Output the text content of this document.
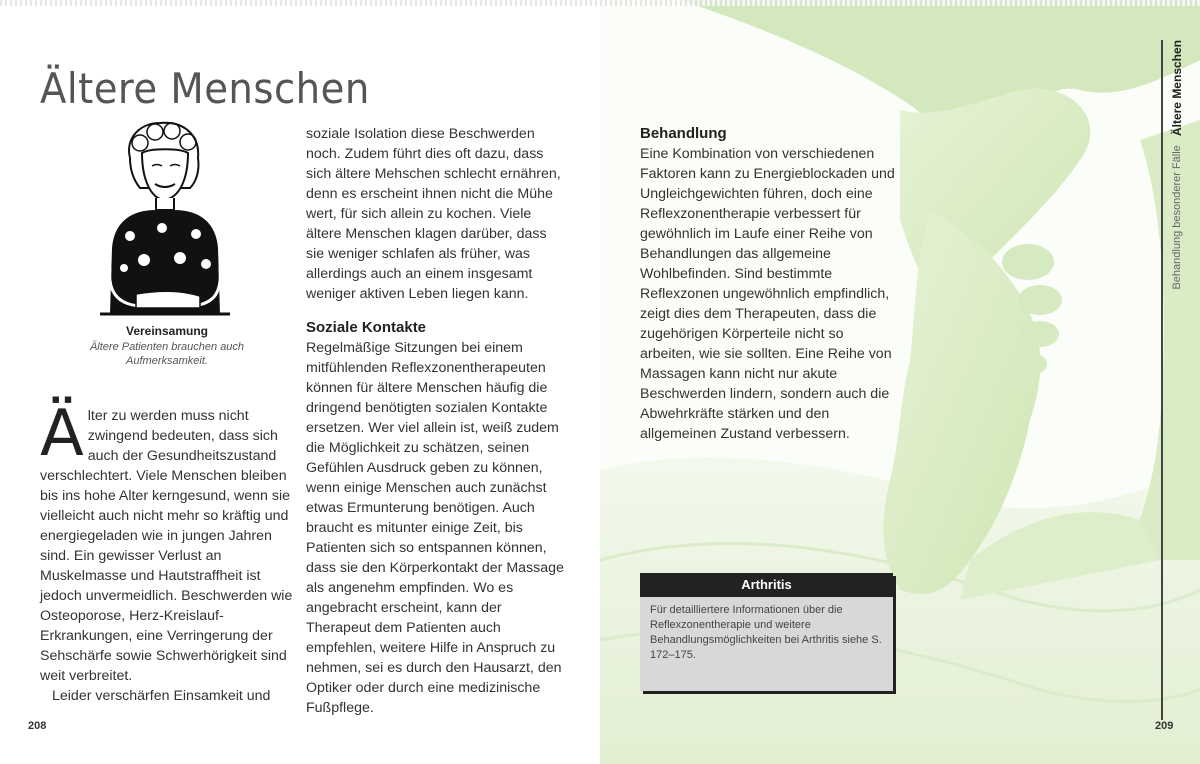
Ältere Menschen
Vereinsamung
Ältere Patienten brauchen auch Aufmerksamkeit.
Ä lter zu werden muss nicht zwingend bedeuten, dass sich auch der Gesundheitszustand verschlechtert. Viele Menschen bleiben bis ins hohe Alter kerngesund, wenn sie vielleicht auch nicht mehr so kräftig und energiegeladen wie in jungen Jahren sind. Ein gewisser Verlust an Muskelmasse und Hautstraffheit ist jedoch unvermeidlich. Beschwerden wie Osteoporose, Herz-Kreislauf-Erkrankungen, eine Verringerung der Sehschärfe sowie Schwerhörigkeit sind weit verbreitet.

Leider verschärfen Einsamkeit und

soziale Isolation diese Beschwerden noch. Zudem führt dies oft dazu, dass sich ältere Mehschen schlecht ernähren, denn es erscheint ihnen nicht die Mühe wert, für sich allein zu kochen. Viele ältere Menschen klagen darüber, dass sie weniger schlafen als früher, was allerdings auch an einem insgesamt weniger aktiven Leben liegen kann.

Soziale Kontakte

Regelmäßige Sitzungen bei einem mitfühlenden Reflexzonentherapeuten können für ältere Menschen häufig die dringend benötigten sozialen Kontakte ersetzen. Wer viel allein ist, weiß zudem die Möglichkeit zu schätzen, seinen Gefühlen Ausdruck geben zu können, wenn einige Menschen auch zunächst etwas Ermunterung benötigen. Auch braucht es mitunter einige Zeit, bis Patienten sich so entspannen können, dass sie den Körperkontakt der Massage als angenehm empfinden. Wo es angebracht erscheint, kann der Therapeut dem Patienten auch empfehlen, weitere Hilfe in Anspruch zu nehmen, sei es durch den Hausarzt, den Optiker oder durch eine medizinische Fußpflege.

Behandlung

Eine Kombination von verschiedenen Faktoren kann zu Energieblockaden und Ungleichgewichten führen, doch eine Reflexzonentherapie verbessert für gewöhnlich im Laufe einer Reihe von Behandlungen das allgemeine Wohlbefinden. Sind bestimmte Reflexzonen ungewöhnlich empfindlich, zeigt dies dem Therapeuten, dass die zugehörigen Körperteile nicht so arbeiten, wie sie sollten. Eine Reihe von Massagen kann nicht nur akute Beschwerden lindern, sondern auch die Abwehrkräfte stärken und den allgemeinen Zustand verbessern.

Arthritis
Für detailliertere Informationen über die Reflexzonentherapie und weitere Behandlungsmöglichkeiten bei Arthritis siehe S. 172–175.
Behandlung besonderer Fälle   Ältere Menschen
208	209
